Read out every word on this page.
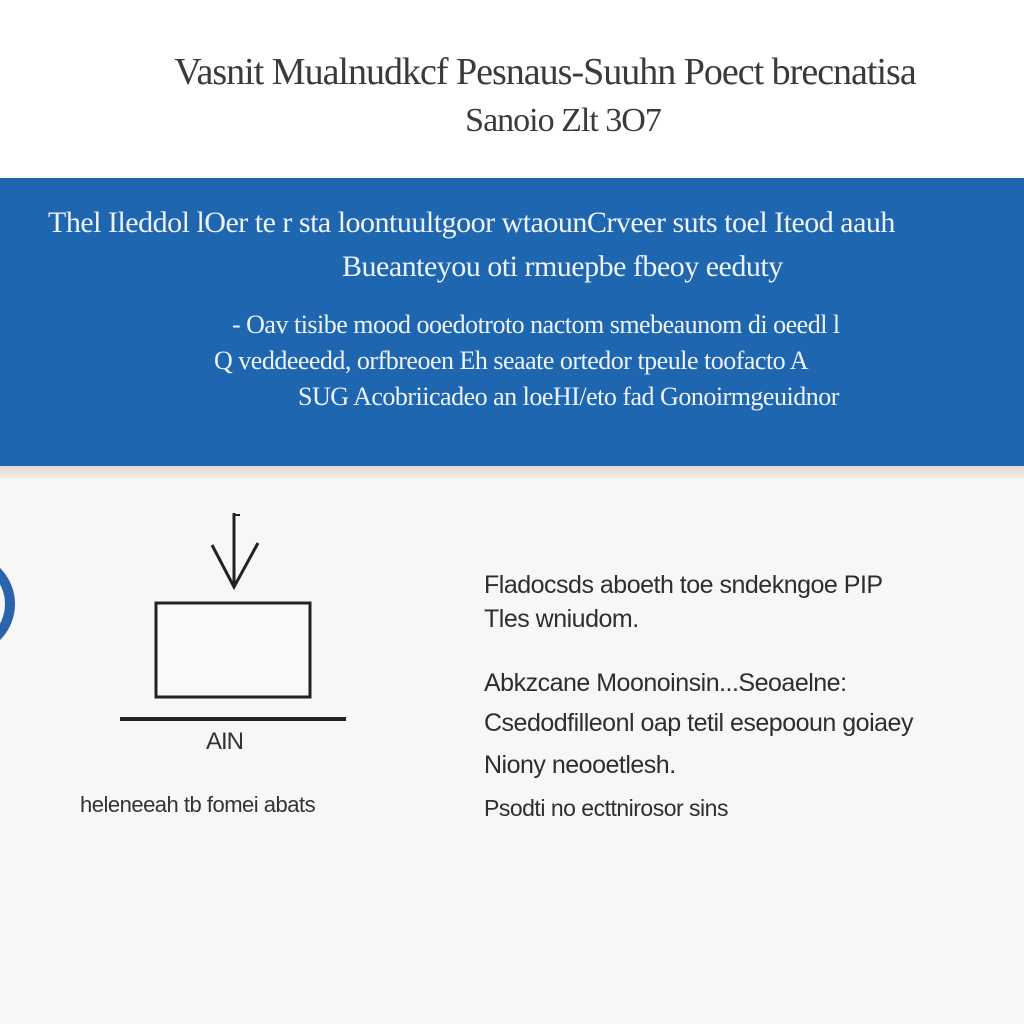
Vasnit Mualnudkcf Pesnaus-Suuhn Poect brecnatisa
Sanoio Zlt 3O7
Thel Ileddol lOer te r sta loontuultgoor wtaounCrveer suts toel Iteod aauh
Bueanteyou oti rmuepbe fbeoy eeduty
- Oav tisibe mood ooedotroto nactom smebeaunom di oeedl l
Q veddeeedd, orfbreoen Eh seaate ortedor tpeule toofacto A
SUG Acobriicadeo an loeHI/eto fad Gonoirmgeuidnor
AIN
heleneeah tb fomei abats
Fladocsds aboeth toe sndekngoe PIP
Tles wniudom.
Abkzcane Moonoinsin...Seoaelne:
Csedodfilleonl oap tetil esepooun goiaey
Niony neooetlesh.
Psodti no ecttnirosor sins
